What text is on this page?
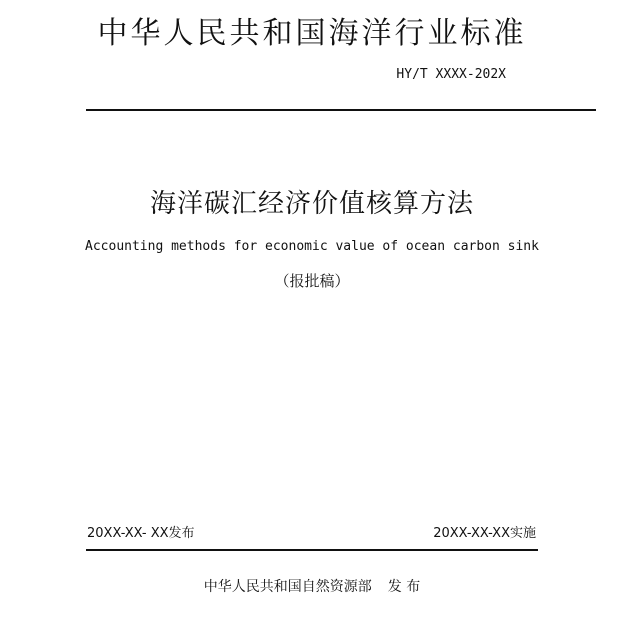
中华人民共和国海洋行业标准
HY/T XXXX-202X
海洋碳汇经济价值核算方法
Accounting methods for economic value of ocean carbon sink
（报批稿）
20XX-XX- XX发布	20XX-XX-XX实施
中华人民共和国自然资源部 发 布
